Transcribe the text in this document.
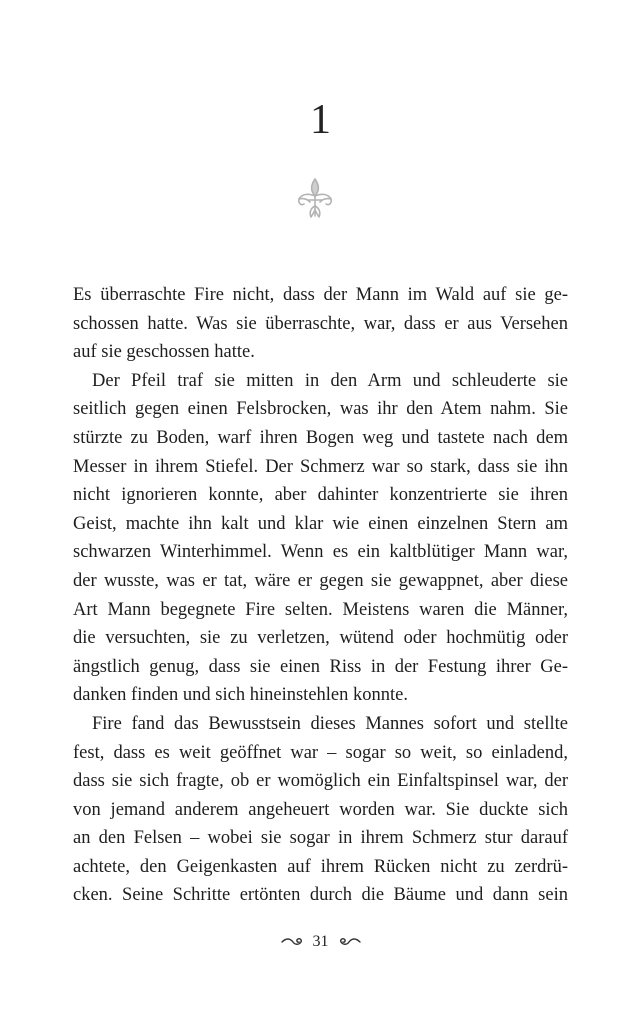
1

Es überraschte Fire nicht, dass der Mann im Wald auf sie ge-
schossen hatte. Was sie überraschte, war, dass er aus Versehen
auf sie geschossen hatte.

Der Pfeil traf sie mitten in den Arm und schleuderte sie
seitlich gegen einen Felsbrocken, was ihr den Atem nahm. Sie
stürzte zu Boden, warf ihren Bogen weg und tastete nach dem
Messer in ihrem Stiefel. Der Schmerz war so stark, dass sie ihn
nicht ignorieren konnte, aber dahinter konzentrierte sie ihren
Geist, machte ihn kalt und klar wie einen einzelnen Stern am
schwarzen Winterhimmel. Wenn es ein kaltblütiger Mann war,
der wusste, was er tat, wäre er gegen sie gewappnet, aber diese
Art Mann begegnete Fire selten. Meistens waren die Männer,
die versuchten, sie zu verletzen, wütend oder hochmütig oder
ängstlich genug, dass sie einen Riss in der Festung ihrer Ge-
danken finden und sich hineinstehlen konnte.

Fire fand das Bewusstsein dieses Mannes sofort und stellte
fest, dass es weit geöffnet war – sogar so weit, so einladend,
dass sie sich fragte, ob er womöglich ein Einfaltspinsel war, der
von jemand anderem angeheuert worden war. Sie duckte sich
an den Felsen – wobei sie sogar in ihrem Schmerz stur darauf
achtete, den Geigenkasten auf ihrem Rücken nicht zu zerdrü-
cken. Seine Schritte ertönten durch die Bäume und dann sein

31
